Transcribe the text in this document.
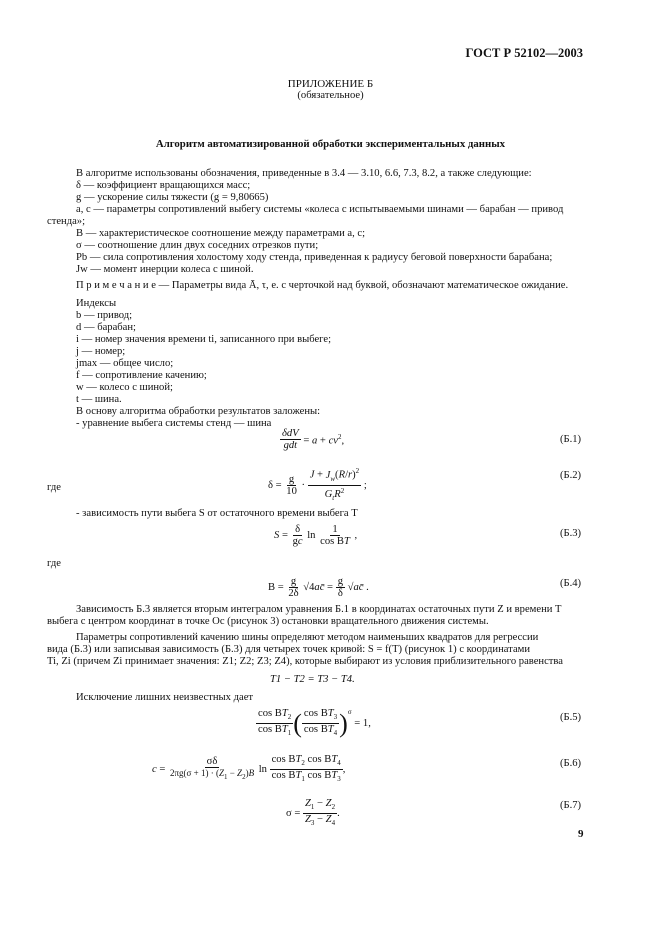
ГОСТ Р 52102—2003
ПРИЛОЖЕНИЕ Б
(обязательное)
Алгоритм автоматизированной обработки экспериментальных данных
В алгоритме использованы обозначения, приведенные в 3.4 — 3.10, 6.6, 7.3, 8.2, а также следующие:
δ — коэффициент вращающихся масс;
g — ускорение силы тяжести (g = 9,80665)
a, c — параметры сопротивлений выбегу системы «колеса с испытываемыми шинами — барабан — привод
стенда»;
B — характеристическое соотношение между параметрами a, c;
σ — соотношение длин двух соседних отрезков пути;
Pb — сила сопротивления холостому ходу стенда, приведенная к радиусу беговой поверхности барабана;
Jw — момент инерции колеса с шиной.
П р и м е ч а н и е — Параметры вида Ā, τ, е. с черточкой над буквой, обозначают математическое ожидание.
Индексы
b — привод;
d — барабан;
i — номер значения времени ti, записанного при выбеге;
j — номер;
jmax — общее число;
f — сопротивление качению;
w — колесо с шиной;
t — шина.
В основу алгоритма обработки результатов заложены:
- уравнение выбега системы стенд — шина
$\frac{\text{δdV}}{\text{gdt}} = a + cv^2$,	(Б.1)
$\delta = \frac{g}{10} \cdot \frac{J + J_w(R/r)^2}{G_tR^2}$ ;
где
(Б.2)
- зависимость пути выбега S от остаточного времени выбега T
$S = \frac{\delta}{gc}$ $\ln \frac{1}{\text{cos BT}}$ ,	(Б.3)
где
$B = \frac{g}{2\delta}$ √4ac̄ = $\frac{g}{\delta}$ √ac̄ .	(Б.4)
Зависимость Б.3 является вторым интегралом уравнения Б.1 в координатах остаточных пути Z и времени T
выбега с центром координат в точке Oс (рисунок 3) остановки вращательного движения системы.
Параметры сопротивлений качению шины определяют методом наименьших квадратов для регрессии
вида (Б.3) или записывая зависимость (Б.3) для четырех точек кривой: S = f(T) (рисунок 1) с координатами
Ti, Zi (причем Zi принимает значения: Z1; Z2; Z3; Z4), которые выбирают из условия приблизительного равенства
T1 − T2 = T3 − T4.
Исключение лишних неизвестных дает
$\frac{\cos BT_2}{\cos BT_1}$ ( $\frac{\cos BT_3}{\cos BT_4} )^\sigma$
= 1,
(Б.5)
$c = \frac{\sigma\delta}{2\pi g(\sigma + 1) \cdot (Z_1 - Z_2)B}$ $\ln \frac{\cos BT_2 \cos BT_4}{\cos BT_1 \cos BT_3}$ ,
(Б.6)
$\sigma = \frac{Z_1 - Z_2}{Z_3 - Z_4}$ .
(Б.7)
9
